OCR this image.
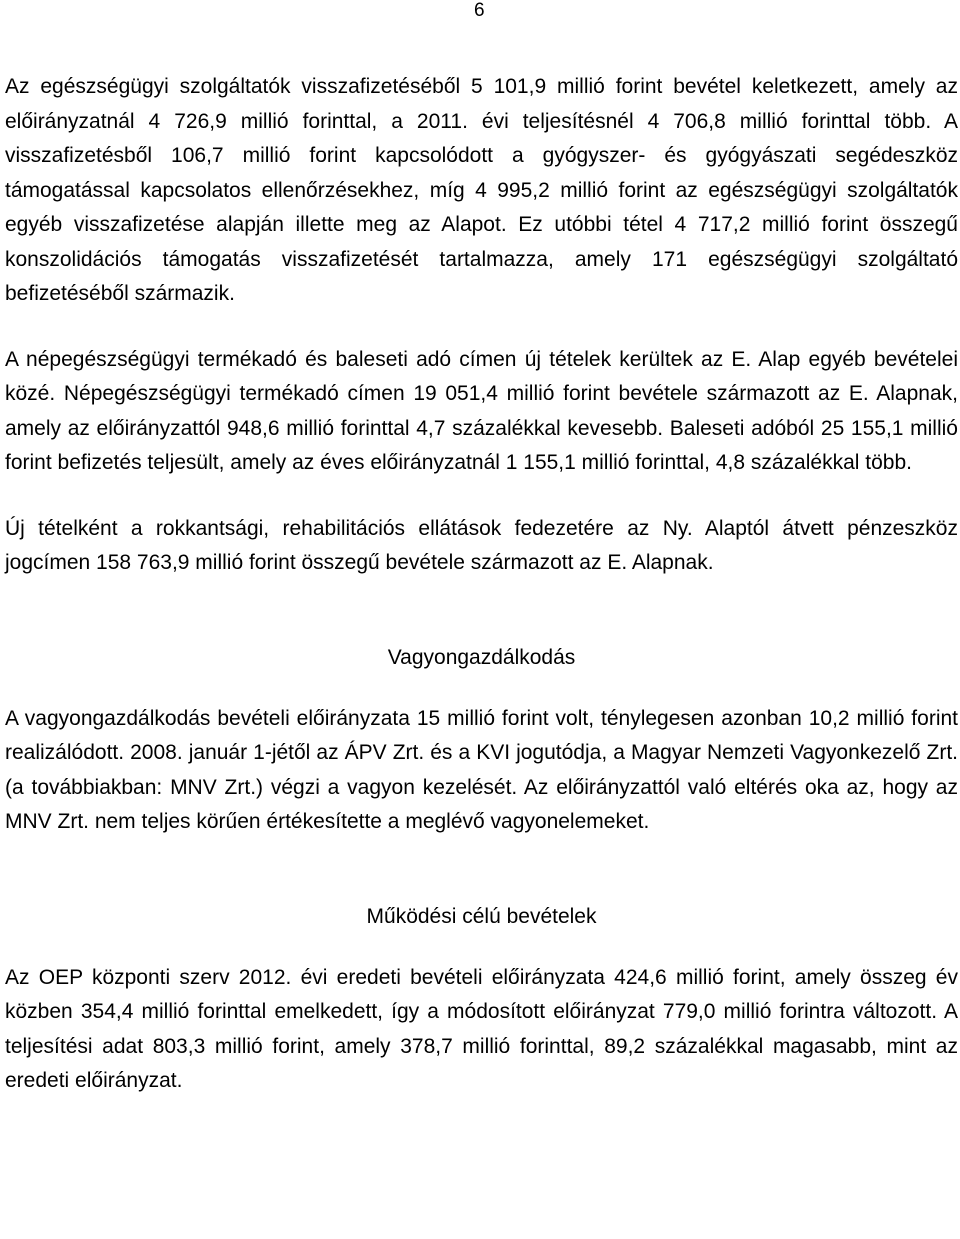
6

Az egészségügyi szolgáltatók visszafizetéséből 5 101,9 millió forint bevétel keletkezett, amely az előirányzatnál 4 726,9 millió forinttal, a 2011. évi teljesítésnél 4 706,8 millió forinttal több. A visszafizetésből 106,7 millió forint kapcsolódott a gyógyszer- és gyógyászati segédeszköz támogatással kapcsolatos ellenőrzésekhez, míg 4 995,2 millió forint az egészségügyi szolgáltatók egyéb visszafizetése alapján illette meg az Alapot. Ez utóbbi tétel 4 717,2 millió forint összegű konszolidációs támogatás visszafizetését tartalmazza, amely 171 egészségügyi szolgáltató befizetéséből származik.

A népegészségügyi termékadó és baleseti adó címen új tételek kerültek az E. Alap egyéb bevételei közé. Népegészségügyi termékadó címen 19 051,4 millió forint bevétele származott az E. Alapnak, amely az előirányzattól 948,6 millió forinttal 4,7 százalékkal kevesebb. Baleseti adóból 25 155,1 millió forint befizetés teljesült, amely az éves előirányzatnál 1 155,1 millió forinttal, 4,8 százalékkal több.

Új tételként a rokkantsági, rehabilitációs ellátások fedezetére az Ny. Alaptól átvett pénzeszköz jogcímen 158 763,9 millió forint összegű bevétele származott az E. Alapnak.

Vagyongazdálkodás

A vagyongazdálkodás bevételi előirányzata 15 millió forint volt, ténylegesen azonban 10,2 millió forint realizálódott. 2008. január 1-jétől az ÁPV Zrt. és a KVI jogutódja, a Magyar Nemzeti Vagyonkezelő Zrt. (a továbbiakban: MNV Zrt.) végzi a vagyon kezelését. Az előirányzattól való eltérés oka az, hogy az MNV Zrt. nem teljes körűen értékesítette a meglévő vagyonelemeket.

Működési célú bevételek

Az OEP központi szerv 2012. évi eredeti bevételi előirányzata 424,6 millió forint, amely összeg év közben 354,4 millió forinttal emelkedett, így a módosított előirányzat 779,0 millió forintra változott. A teljesítési adat 803,3 millió forint, amely 378,7 millió forinttal, 89,2 százalékkal magasabb, mint az eredeti előirányzat.
